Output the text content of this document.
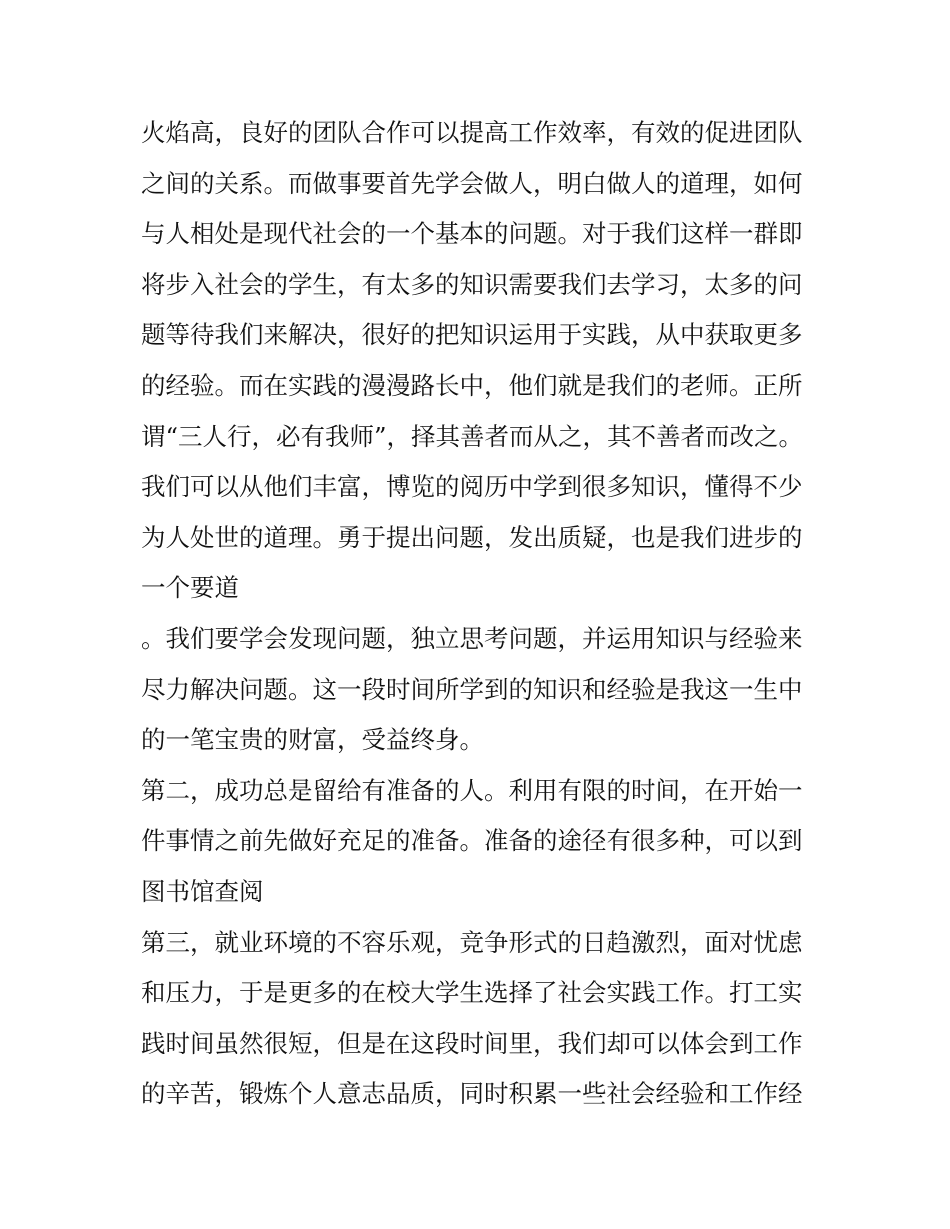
火焰高，良好的团队合作可以提高工作效率，有效的促进团队
之间的关系。而做事要首先学会做人，明白做人的道理，如何
与人相处是现代社会的一个基本的问题。对于我们这样一群即
将步入社会的学生，有太多的知识需要我们去学习，太多的问
题等待我们来解决，很好的把知识运用于实践，从中获取更多
的经验。而在实践的漫漫路长中，他们就是我们的老师。正所
谓“三人行，必有我师”，择其善者而从之，其不善者而改之。
我们可以从他们丰富，博览的阅历中学到很多知识，懂得不少
为人处世的道理。勇于提出问题，发出质疑，也是我们进步的
一个要道
。我们要学会发现问题，独立思考问题，并运用知识与经验来
尽力解决问题。这一段时间所学到的知识和经验是我这一生中
的一笔宝贵的财富，受益终身。
第二，成功总是留给有准备的人。利用有限的时间，在开始一
件事情之前先做好充足的准备。准备的途径有很多种，可以到
图书馆查阅
第三，就业环境的不容乐观，竞争形式的日趋激烈，面对忧虑
和压力，于是更多的在校大学生选择了社会实践工作。打工实
践时间虽然很短，但是在这段时间里，我们却可以体会到工作
的辛苦，锻炼个人意志品质，同时积累一些社会经验和工作经
